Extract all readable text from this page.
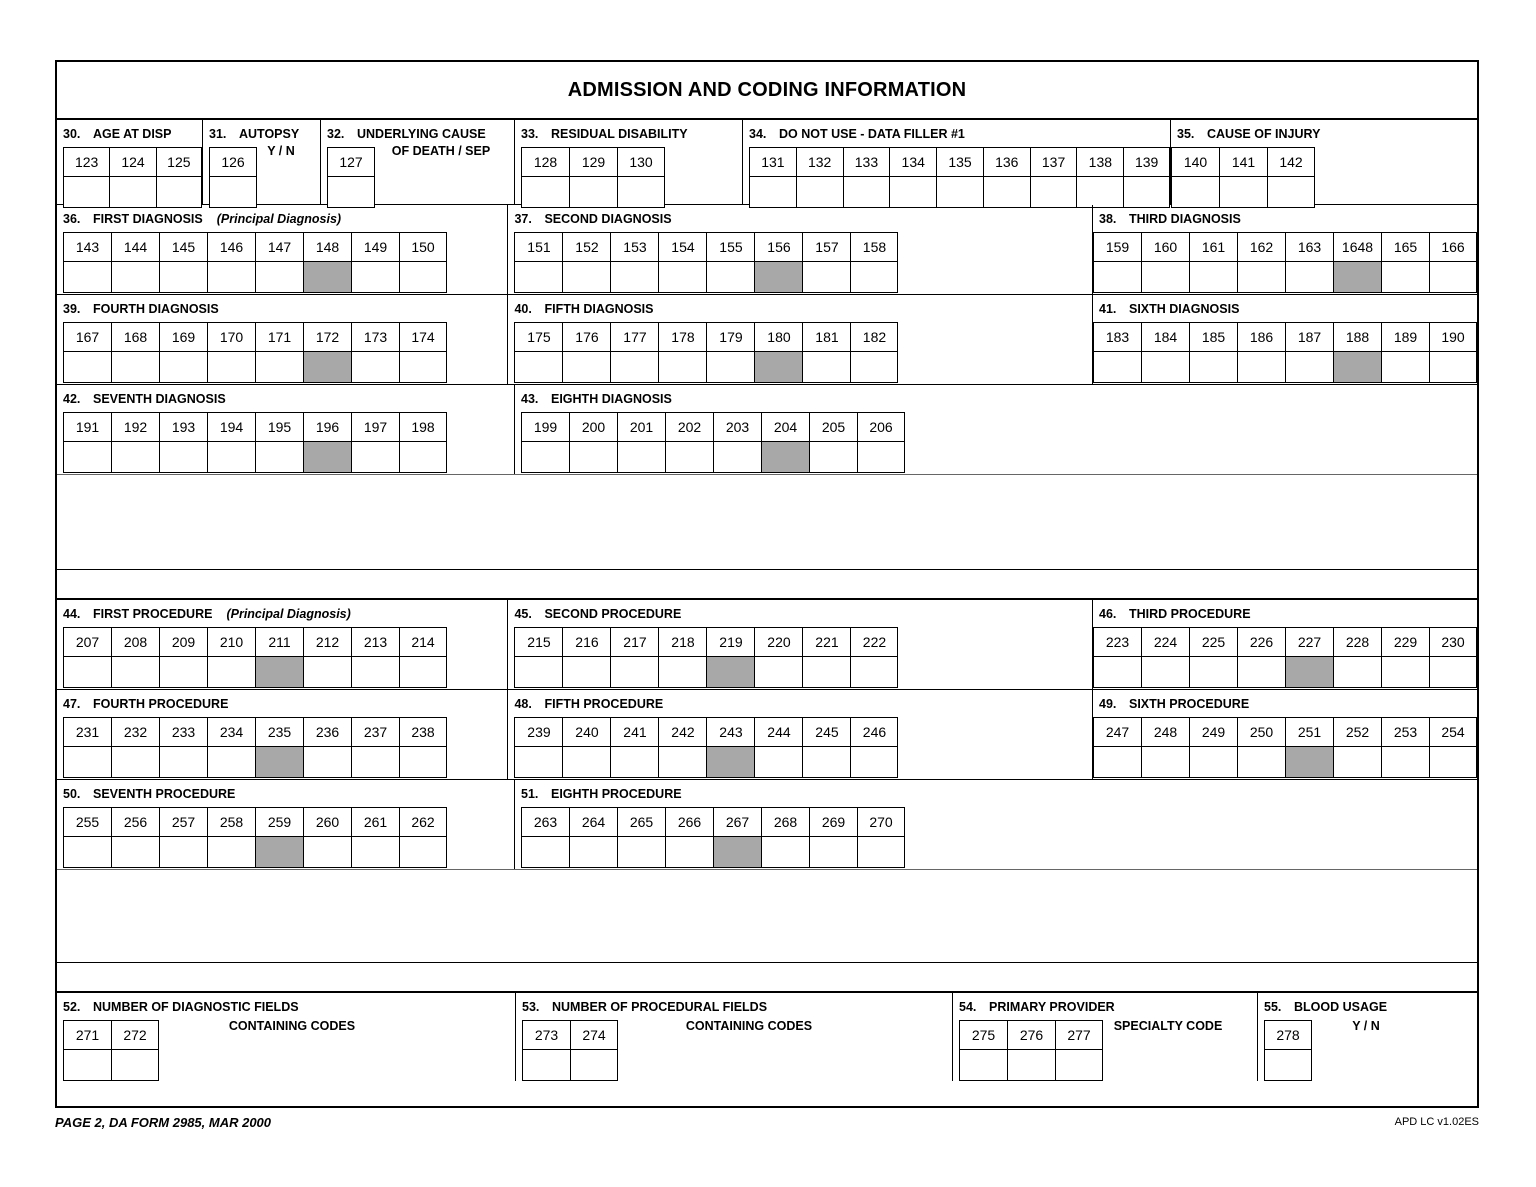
ADMISSION AND CODING INFORMATION
30.	AGE AT DISP
123	124	125
31.	AUTOPSY
Y / N
126
32.	UNDERLYING CAUSE
OF DEATH / SEP
127
33.	RESIDUAL DISABILITY
128	129	130
34.	DO NOT USE - DATA FILLER #1
131	132	133	134	135	136	137	138	139
35.	CAUSE OF INJURY
140	141	142
36.	FIRST DIAGNOSIS (Principal Diagnosis)
143	144	145	146	147	148	149	150
37.	SECOND DIAGNOSIS
151	152	153	154	155	156	157	158
38.	THIRD DIAGNOSIS
159	160	161	162	163	1648	165	166
39.	FOURTH DIAGNOSIS
167	168	169	170	171	172	173	174
40.	FIFTH DIAGNOSIS
175	176	177	178	179	180	181	182
41.	SIXTH DIAGNOSIS
183	184	185	186	187	188	189	190
42.	SEVENTH DIAGNOSIS
191	192	193	194	195	196	197	198
43.	EIGHTH DIAGNOSIS
199	200	201	202	203	204	205	206
44.	FIRST PROCEDURE (Principal Diagnosis)
207	208	209	210	211	212	213	214
45.	SECOND PROCEDURE
215	216	217	218	219	220	221	222
46.	THIRD PROCEDURE
223	224	225	226	227	228	229	230
47.	FOURTH PROCEDURE
231	232	233	234	235	236	237	238
48.	FIFTH PROCEDURE
239	240	241	242	243	244	245	246
49.	SIXTH PROCEDURE
247	248	249	250	251	252	253	254
50.	SEVENTH PROCEDURE
255	256	257	258	259	260	261	262
51.	EIGHTH PROCEDURE
263	264	265	266	267	268	269	270
52.	NUMBER OF DIAGNOSTIC FIELDS
CONTAINING CODES
271	272
53.	NUMBER OF PROCEDURAL FIELDS
CONTAINING CODES
273	274
54.	PRIMARY PROVIDER
SPECIALTY CODE
275	276	277
55.	BLOOD USAGE
Y / N
278
PAGE 2, DA FORM 2985, MAR 2000	APD LC v1.02ES
